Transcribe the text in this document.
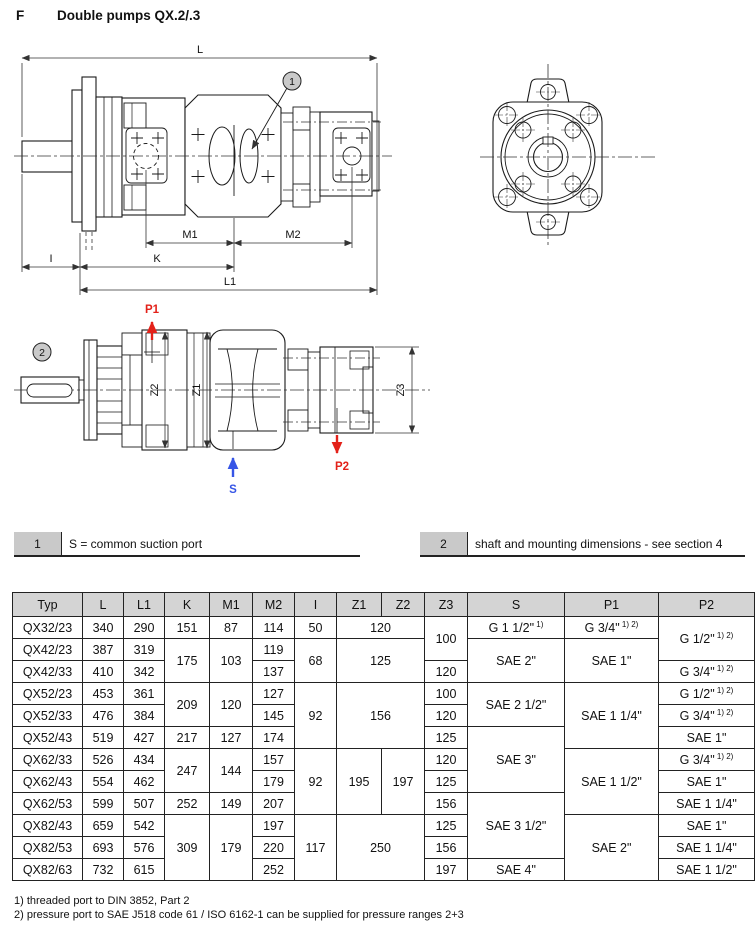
F Double pumps QX.2/.3
L
M1	M2
I	K
L1
1
Z2	Z1	Z3
P1
P2
S
2
1	S = common suction port	2	shaft and mounting dimensions - see section 4
Typ	L	L1	K	M1	M2	I	Z1	Z2	Z3	S	P1	P2
QX32/23	340	290	151	87	114	50	120		100	G 1 1/2" $^{1)}$	G 3/4" $^{1) 2)}$	G 1/2" $^{1) 2)}$
QX42/23	387	319	175	103	119	68	125			SAE 2"	SAE 1"	
QX42/33	410	342			137				120			G 3/4" $^{1) 2)}$
QX52/23	453	361	209	120	127	92	156		100	SAE 2 1/2"	SAE 1 1/4"	G 1/2" $^{1) 2)}$
QX52/33	476	384			145				120			G 3/4" $^{1) 2)}$
QX52/43	519	427	217	127	174				125	SAE 3"		SAE 1"
QX62/33	526	434	247	144	157	92	195	197	120		SAE 1 1/2"	G 3/4" $^{1) 2)}$
QX62/43	554	462			179				125			SAE 1"
QX62/53	599	507	252	149	207				156	SAE 3 1/2"		SAE 1 1/4"
QX82/43	659	542	309	179	197	117	250		125		SAE 2"	SAE 1"
QX82/53	693	576			220				156			SAE 1 1/4"
QX82/63	732	615			252				197	SAE 4"		SAE 1 1/2"
1) threaded port to DIN 3852, Part 2
2) pressure port to SAE J518 code 61 / ISO 6162-1 can be supplied for pressure ranges 2+3
